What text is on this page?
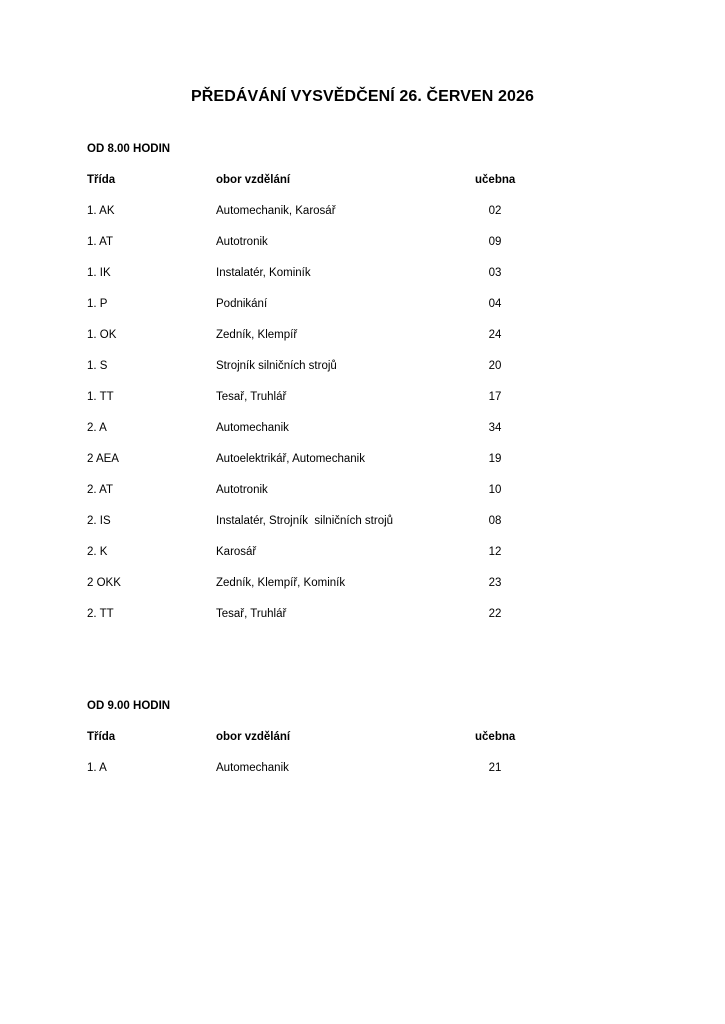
PŘEDÁVÁNÍ VYSVĚDČENÍ 26. ČERVEN 2026
OD 8.00 HODIN
Třída	obor vzdělání	učebna
1. AK	Automechanik, Karosář	02
1. AT	Autotronik	09
1. IK	Instalatér, Kominík	03
1. P	Podnikání	04
1. OK	Zedník, Klempíř	24
1. S	Strojník silničních strojů	20
1. TT	Tesař, Truhlář	17
2. A	Automechanik	34
2 AEA	Autoelektrikář, Automechanik	19
2. AT	Autotronik	10
2. IS	Instalatér, Strojník  silničních strojů	08
2. K	Karosář	12
2 OKK	Zedník, Klempíř, Kominík	23
2. TT	Tesař, Truhlář	22
OD 9.00 HODIN
Třída	obor vzdělání	učebna
1. A	Automechanik	21
